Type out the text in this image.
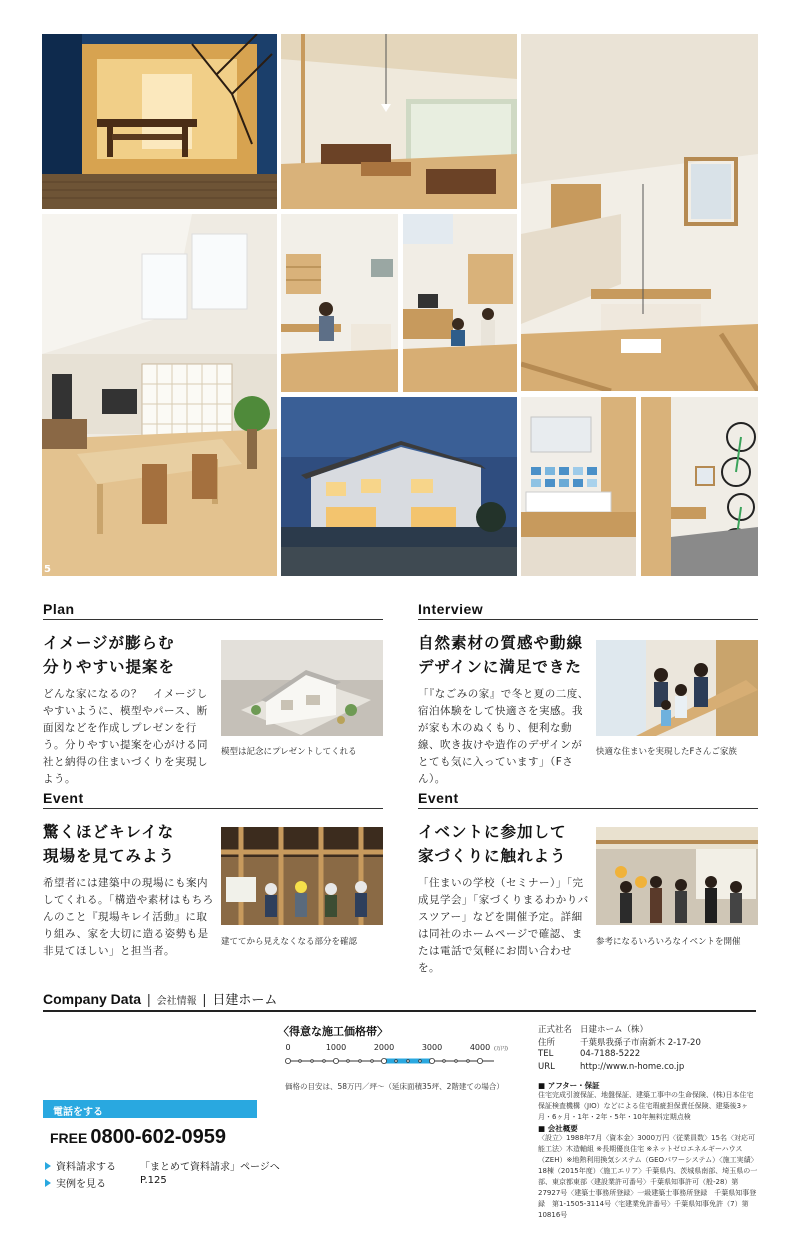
5
Plan
イメージが膨らむ
分りやすい提案を
どんな家になるの？　イメージしやすいように、模型やパース、断面図などを作成しプレゼンを行う。分りやすい提案を心がける同社と納得の住まいづくりを実現しよう。
模型は記念にプレゼントしてくれる
Interview
自然素材の質感や動線
デザインに満足できた
「『なごみの家』で冬と夏の二度、宿泊体験をして快適さを実感。我が家も木のぬくもり、便利な動線、吹き抜けや造作のデザインがとても気に入っています」（Fさん）。
快適な住まいを実現したFさんご家族
Event
驚くほどキレイな
現場を見てみよう
希望者には建築中の現場にも案内してくれる。「構造や素材はもちろんのこと『現場キレイ活動』に取り組み、家を大切に造る姿勢も是非見てほしい」と担当者。
建ててから見えなくなる部分を確認
Event
イベントに参加して
家づくりに触れよう
「住まいの学校（セミナー）」「完成見学会」「家づくりまるわかりバスツアー」などを開催予定。詳細は同社のホームページで確認、または電話で気軽にお問い合わせを。
参考になるいろいろなイベントを開催
Company Data | 会社情報 | 日建ホーム
〈得意な施工価格帯〉
0	1000	2000	3000	4000 (万円)
価格の目安は、58万円／坪～（延床面積35坪、2階建ての場合）
正式社名 日建ホーム（株）
住所	千葉県我孫子市南新木 2-17-20
TEL	04-7188-5222
URL	http://www.n-home.co.jp
■ アフター・保証
住宅完成引渡保証、地盤保証、建築工事中の生命保険、(株)日本住宅保証検査機構（JIO）などによる住宅瑕疵担保責任保険、建築後3ヶ月・6ヶ月・1年・2年・5年・10年無料定期点検
■ 会社概要
〈設立〉1988年7月〈資本金〉3000万円〈従業員数〉15名〈対応可能工法〉木造軸組 ※長期優良住宅 ※ネットゼロエネルギーハウス（ZEH）※地熱利用換気システム（GEOパワーシステム）〈施工実績〉18棟（2015年度）〈施工エリア〉千葉県内、茨城県南部、埼玉県の一部、東京都東部〈建設業許可番号〉千葉県知事許可（般-28）第27927号〈建築士事務所登録〉一級建築士事務所登録　千葉県知事登録　第1-1505-3114号〈宅建業免許番号〉千葉県知事免許（7）第10816号
電話をする
FREE 0800-602-0959
資料請求する 「まとめて資料請求」ページへ
実例を見る	P.125
